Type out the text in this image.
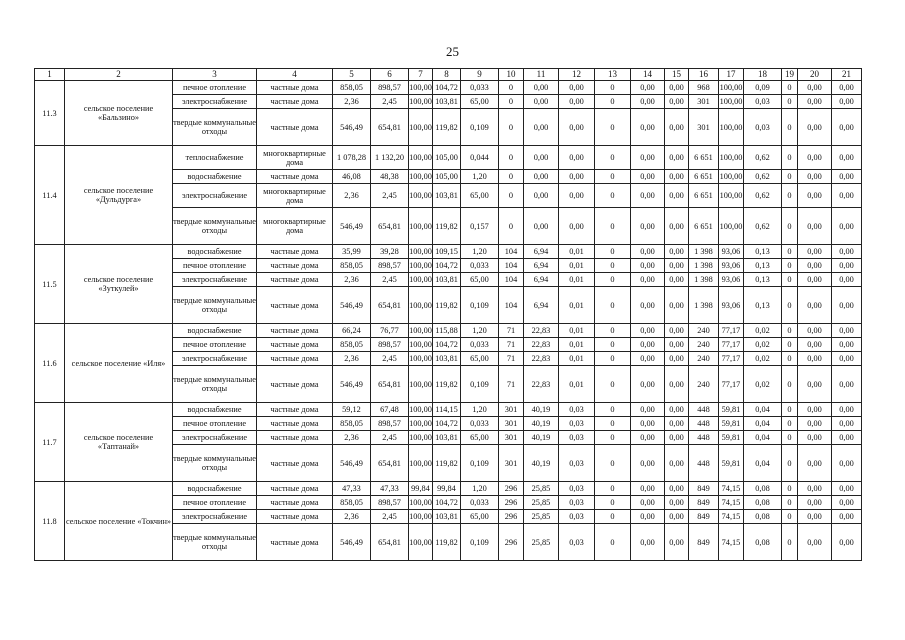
25
1	2	3	4	5	6	7	8	9	10	11	12	13	14	15	16	17	18	19	20	21
11.3	сельское поселение «Бальзино»	печное отопление	частные дома	858,05	898,57	100,00	104,72	0,033	0	0,00	0,00	0	0,00	0,00	968	100,00	0,09	0	0,00	0,00
		электроснабжение	частные дома	2,36	2,45	100,00	103,81	65,00	0	0,00	0,00	0	0,00	0,00	301	100,00	0,03	0	0,00	0,00
		твердые коммунальные отходы	частные дома	546,49	654,81	100,00	119,82	0,109	0	0,00	0,00	0	0,00	0,00	301	100,00	0,03	0	0,00	0,00
11.4	сельское поселение «Дульдурга»	теплоснабжение	многоквартирные дома	1 078,28	1 132,20	100,00	105,00	0,044	0	0,00	0,00	0	0,00	0,00	6 651	100,00	0,62	0	0,00	0,00
		водоснабжение	частные дома	46,08	48,38	100,00	105,00	1,20	0	0,00	0,00	0	0,00	0,00	6 651	100,00	0,62	0	0,00	0,00
		электроснабжение	многоквартирные дома	2,36	2,45	100,00	103,81	65,00	0	0,00	0,00	0	0,00	0,00	6 651	100,00	0,62	0	0,00	0,00
		твердые коммунальные отходы	многоквартирные дома	546,49	654,81	100,00	119,82	0,157	0	0,00	0,00	0	0,00	0,00	6 651	100,00	0,62	0	0,00	0,00
11.5	сельское поселение «Зуткулей»	водоснабжение	частные дома	35,99	39,28	100,00	109,15	1,20	104	6,94	0,01	0	0,00	0,00	1 398	93,06	0,13	0	0,00	0,00
		печное отопление	частные дома	858,05	898,57	100,00	104,72	0,033	104	6,94	0,01	0	0,00	0,00	1 398	93,06	0,13	0	0,00	0,00
		электроснабжение	частные дома	2,36	2,45	100,00	103,81	65,00	104	6,94	0,01	0	0,00	0,00	1 398	93,06	0,13	0	0,00	0,00
		твердые коммунальные отходы	частные дома	546,49	654,81	100,00	119,82	0,109	104	6,94	0,01	0	0,00	0,00	1 398	93,06	0,13	0	0,00	0,00
11.6	сельское поселение «Иля»	водоснабжение	частные дома	66,24	76,77	100,00	115,88	1,20	71	22,83	0,01	0	0,00	0,00	240	77,17	0,02	0	0,00	0,00
		печное отопление	частные дома	858,05	898,57	100,00	104,72	0,033	71	22,83	0,01	0	0,00	0,00	240	77,17	0,02	0	0,00	0,00
		электроснабжение	частные дома	2,36	2,45	100,00	103,81	65,00	71	22,83	0,01	0	0,00	0,00	240	77,17	0,02	0	0,00	0,00
		твердые коммунальные отходы	частные дома	546,49	654,81	100,00	119,82	0,109	71	22,83	0,01	0	0,00	0,00	240	77,17	0,02	0	0,00	0,00
11.7	сельское поселение «Таптанай»	водоснабжение	частные дома	59,12	67,48	100,00	114,15	1,20	301	40,19	0,03	0	0,00	0,00	448	59,81	0,04	0	0,00	0,00
		печное отопление	частные дома	858,05	898,57	100,00	104,72	0,033	301	40,19	0,03	0	0,00	0,00	448	59,81	0,04	0	0,00	0,00
		электроснабжение	частные дома	2,36	2,45	100,00	103,81	65,00	301	40,19	0,03	0	0,00	0,00	448	59,81	0,04	0	0,00	0,00
		твердые коммунальные отходы	частные дома	546,49	654,81	100,00	119,82	0,109	301	40,19	0,03	0	0,00	0,00	448	59,81	0,04	0	0,00	0,00
11.8	сельское поселение «Токчин»	водоснабжение	частные дома	47,33	47,33	99,84	99,84	1,20	296	25,85	0,03	0	0,00	0,00	849	74,15	0,08	0	0,00	0,00
		печное отопление	частные дома	858,05	898,57	100,00	104,72	0,033	296	25,85	0,03	0	0,00	0,00	849	74,15	0,08	0	0,00	0,00
		электроснабжение	частные дома	2,36	2,45	100,00	103,81	65,00	296	25,85	0,03	0	0,00	0,00	849	74,15	0,08	0	0,00	0,00
		твердые коммунальные отходы	частные дома	546,49	654,81	100,00	119,82	0,109	296	25,85	0,03	0	0,00	0,00	849	74,15	0,08	0	0,00	0,00
